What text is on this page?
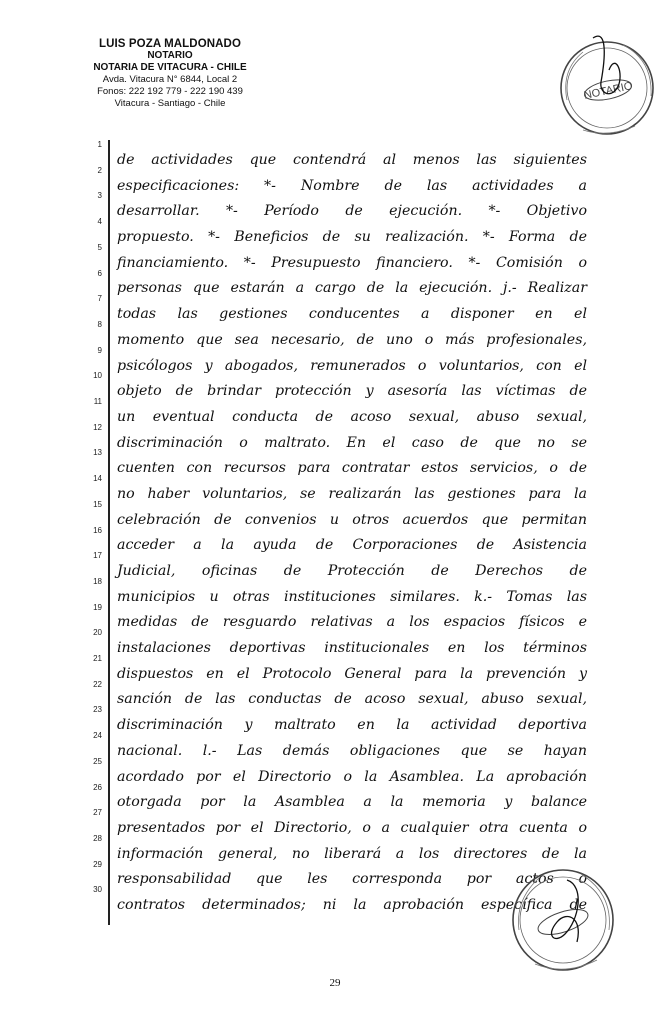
LUIS POZA MALDONADO
NOTARIO
NOTARIA DE VITACURA - CHILE
Avda. Vitacura N° 6844, Local 2
Fonos: 222 192 779 - 222 190 439
Vitacura - Santiago - Chile
NOTARIO
1
2
3
4
5
6
7
8
9
10
11
12
13
14
15
16
17
18
19
20
21
22
23
24
25
26
27
28
29
30
de actividades que contendrá al menos las siguientes
especificaciones: *- Nombre de las actividades a
desarrollar. *- Período de ejecución. *- Objetivo
propuesto. *- Beneficios de su realización. *- Forma de
financiamiento. *- Presupuesto financiero. *- Comisión o
personas que estarán a cargo de la ejecución. j.- Realizar
todas las gestiones conducentes a disponer en el
momento que sea necesario, de uno o más profesionales,
psicólogos y abogados, remunerados o voluntarios, con el
objeto de brindar protección y asesoría las víctimas de
un eventual conducta de acoso sexual, abuso sexual,
discriminación o maltrato. En el caso de que no se
cuenten con recursos para contratar estos servicios, o de
no haber voluntarios, se realizarán las gestiones para la
celebración de convenios u otros acuerdos que permitan
acceder a la ayuda de Corporaciones de Asistencia
Judicial, oficinas de Protección de Derechos de
municipios u otras instituciones similares. k.- Tomas las
medidas de resguardo relativas a los espacios físicos e
instalaciones deportivas institucionales en los términos
dispuestos en el Protocolo General para la prevención y
sanción de las conductas de acoso sexual, abuso sexual,
discriminación y maltrato en la actividad deportiva
nacional. l.- Las demás obligaciones que se hayan
acordado por el Directorio o la Asamblea. La aprobación
otorgada por la Asamblea a la memoria y balance
presentados por el Directorio, o a cualquier otra cuenta o
información general, no liberará a los directores de la
responsabilidad que les corresponda por actos o
contratos determinados; ni la aprobación específica de
29
